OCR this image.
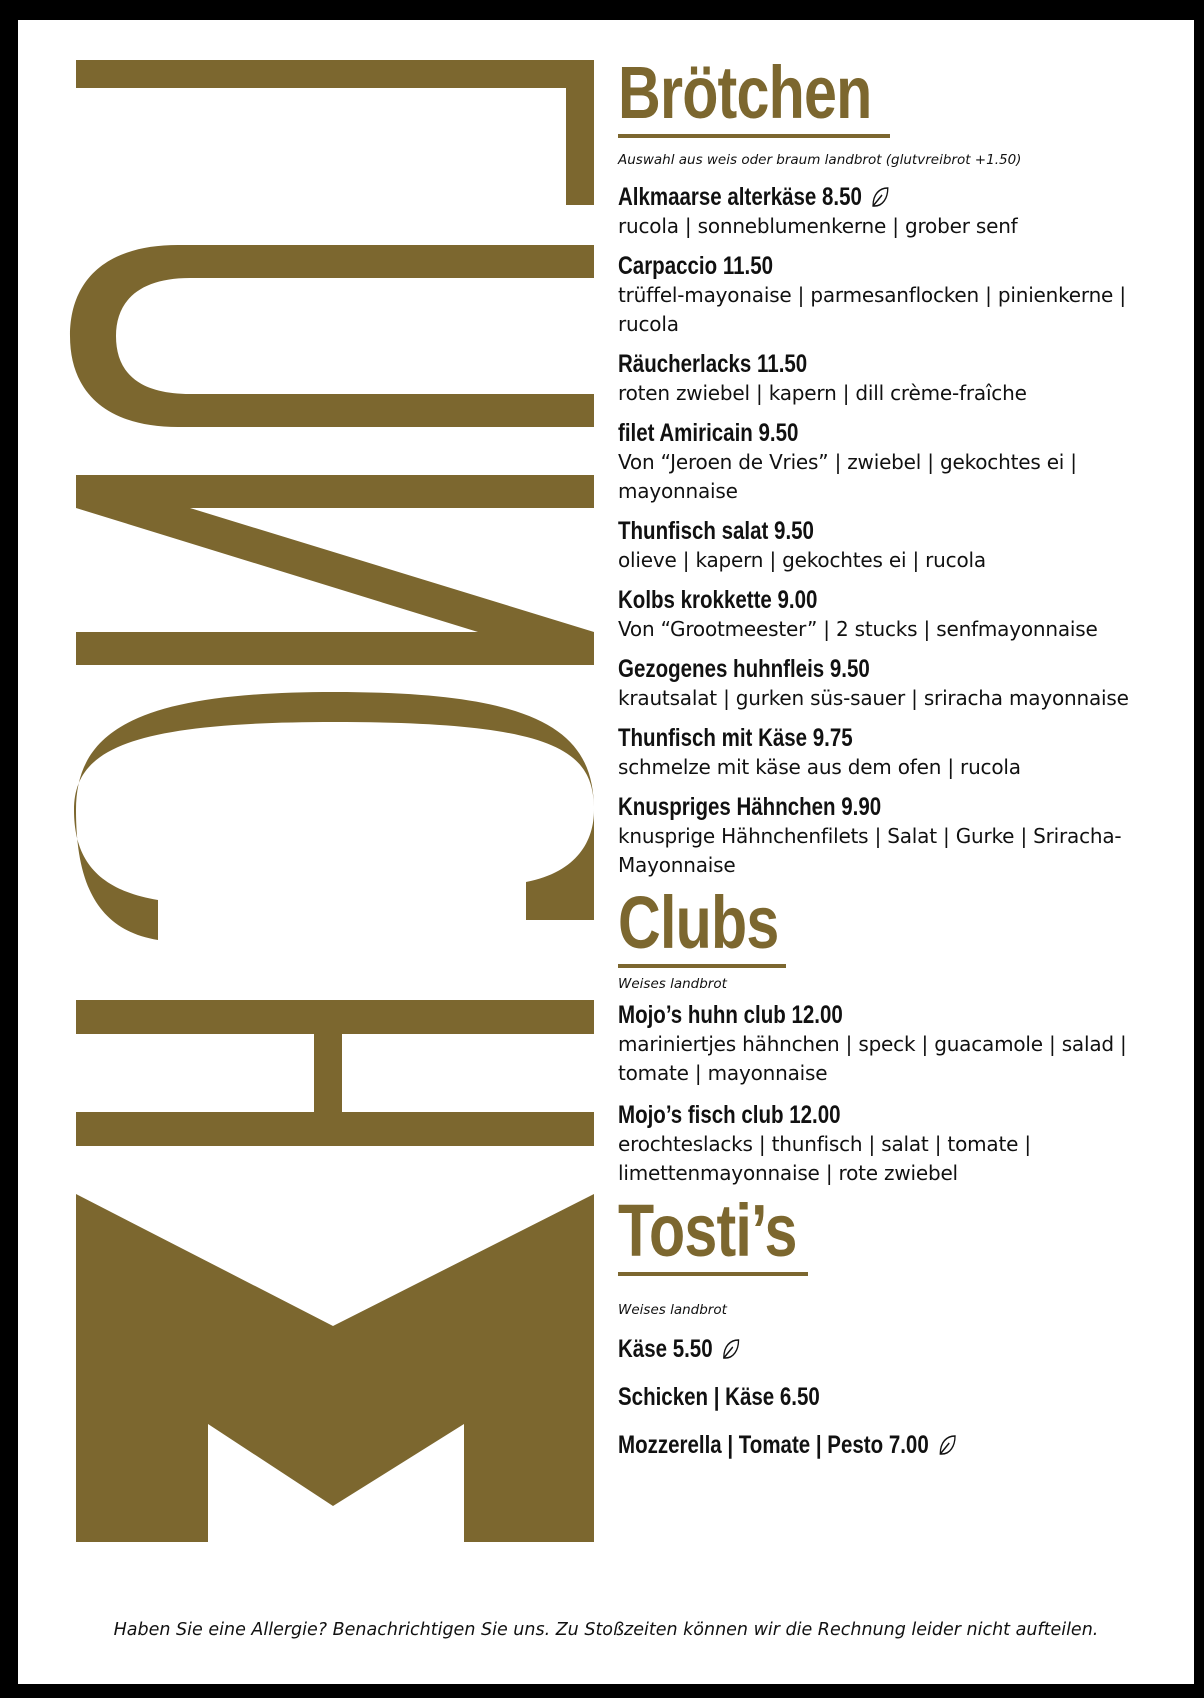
Brötchen

Auswahl aus weis oder braum landbrot (glutvreibrot +1.50)

Alkmaarse alterkäse 8.50
rucola | sonneblumenkerne | grober senf
Carpaccio 11.50
trüffel-mayonaise | parmesanflocken | pinienkerne | rucola
Räucherlacks 11.50
roten zwiebel | kapern | dill crème-fraîche
filet Amiricain 9.50
Von “Jeroen de Vries” | zwiebel | gekochtes ei | mayonnaise
Thunfisch salat 9.50
olieve | kapern | gekochtes ei | rucola
Kolbs krokkette 9.00
Von “Grootmeester” | 2 stucks | senfmayonnaise
Gezogenes huhnfleis 9.50
krautsalat | gurken süs-sauer | sriracha mayonnaise
Thunfisch mit Käse 9.75
schmelze mit käse aus dem ofen | rucola
Knuspriges Hähnchen 9.90
knusprige Hähnchenfilets | Salat | Gurke | Sriracha-Mayonnaise
Clubs

Weises landbrot

Mojo’s huhn club 12.00
mariniertjes hähnchen | speck | guacamole | salad | tomate | mayonnaise
Mojo’s fisch club 12.00
erochteslacks | thunfisch | salat | tomate | limettenmayonnaise | rote zwiebel
Tosti’s

Weises landbrot

Käse 5.50
Schicken | Käse 6.50
Mozzerella | Tomate | Pesto 7.00
Haben Sie eine Allergie? Benachrichtigen Sie uns. Zu Stoßzeiten können wir die Rechnung leider nicht aufteilen.
